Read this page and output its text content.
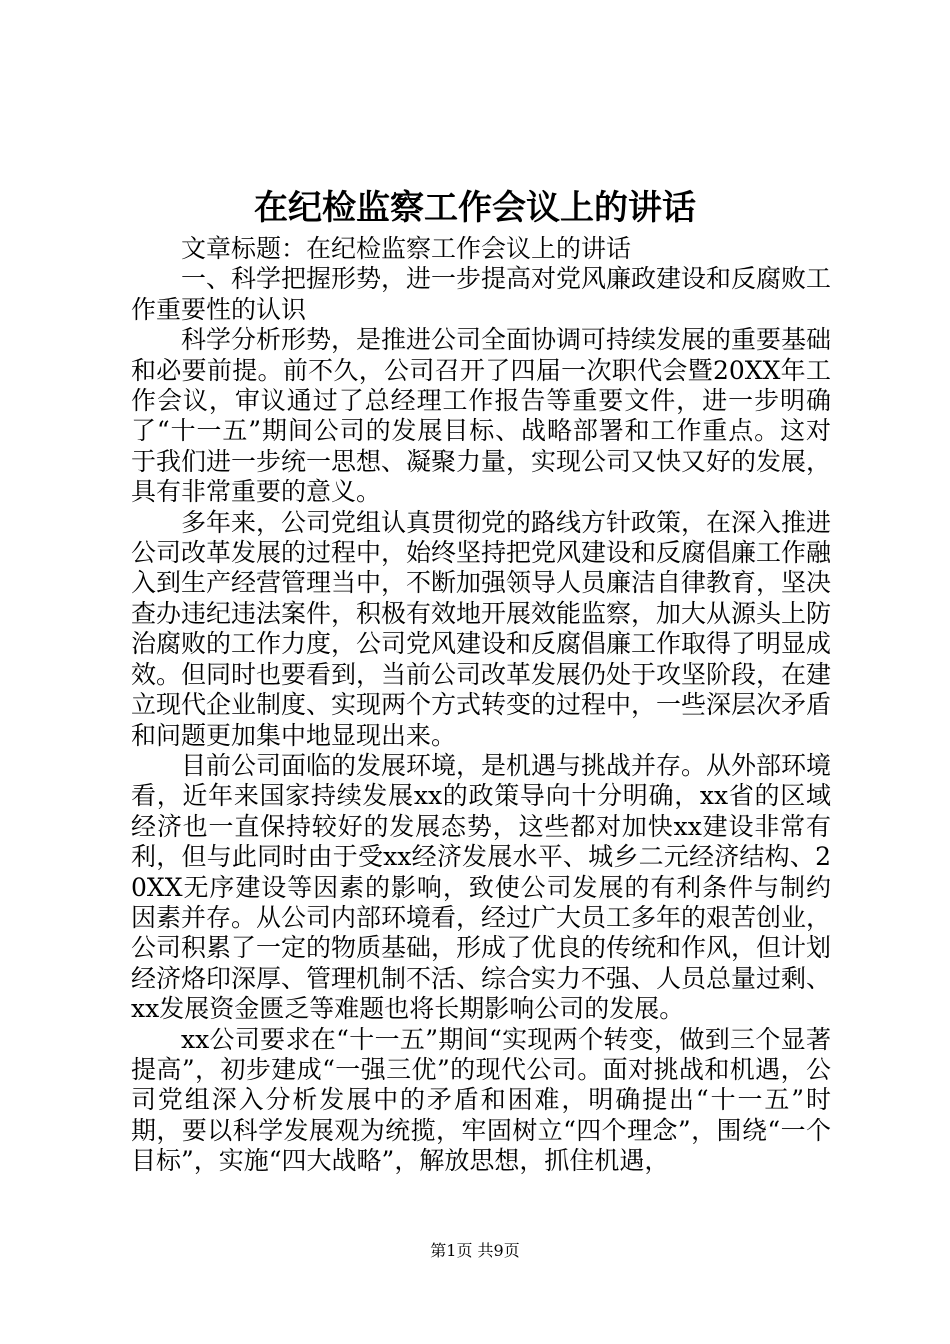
在纪检监察工作会议上的讲话

文章标题：在纪检监察工作会议上的讲话

一、科学把握形势，进一步提高对党风廉政建设和反腐败工作重要性的认识

科学分析形势，是推进公司全面协调可持续发展的重要基础和必要前提。前不久，公司召开了四届一次职代会暨20XX年工作会议，审议通过了总经理工作报告等重要文件，进一步明确了“十一五”期间公司的发展目标、战略部署和工作重点。这对于我们进一步统一思想、凝聚力量，实现公司又快又好的发展，具有非常重要的意义。

多年来，公司党组认真贯彻党的路线方针政策，在深入推进公司改革发展的过程中，始终坚持把党风建设和反腐倡廉工作融入到生产经营管理当中，不断加强领导人员廉洁自律教育，坚决查办违纪违法案件，积极有效地开展效能监察，加大从源头上防治腐败的工作力度，公司党风建设和反腐倡廉工作取得了明显成效。但同时也要看到，当前公司改革发展仍处于攻坚阶段，在建立现代企业制度、实现两个方式转变的过程中，一些深层次矛盾和问题更加集中地显现出来。

目前公司面临的发展环境，是机遇与挑战并存。从外部环境看，近年来国家持续发展xx的政策导向十分明确，xx省的区域经济也一直保持较好的发展态势，这些都对加快xx建设非常有利，但与此同时由于受xx经济发展水平、城乡二元经济结构、20XX无序建设等因素的影响，致使公司发展的有利条件与制约因素并存。从公司内部环境看，经过广大员工多年的艰苦创业，公司积累了一定的物质基础，形成了优良的传统和作风，但计划经济烙印深厚、管理机制不活、综合实力不强、人员总量过剩、xx发展资金匮乏等难题也将长期影响公司的发展。

xx公司要求在“十一五”期间“实现两个转变，做到三个显著提高”，初步建成“一强三优”的现代公司。面对挑战和机遇，公司党组深入分析发展中的矛盾和困难，明确提出“十一五”时期，要以科学发展观为统揽，牢固树立“四个理念”，围绕“一个目标”，实施“四大战略”，解放思想，抓住机遇，

第1页 共9页
